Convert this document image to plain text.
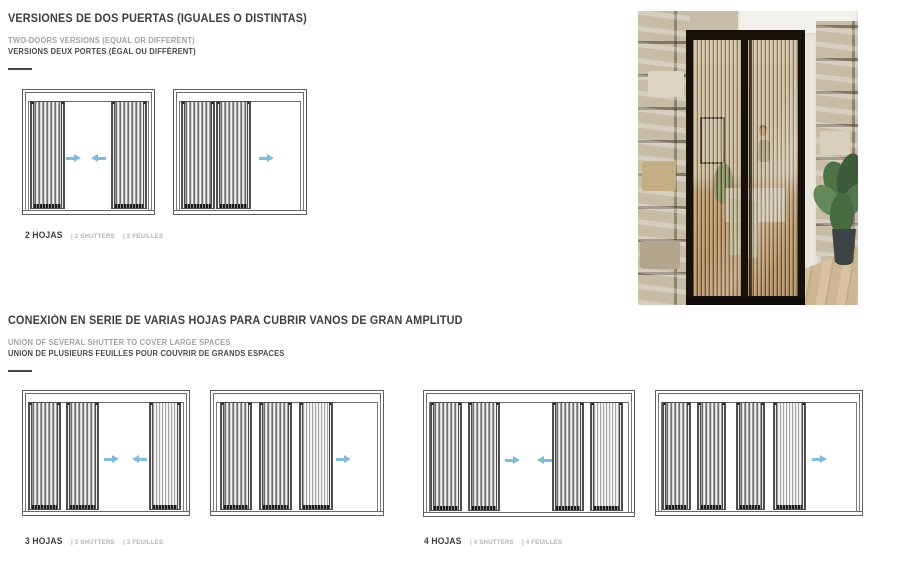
VERSIONES DE DOS PUERTAS (IGUALES O DISTINTAS)
TWO-DOORS VERSIONS (EQUAL OR DIFFERENT)
VERSIONS DEUX PORTES (ÉGAL OU DIFFÉRENT)
CONEXIÓN EN SERIE DE VARIAS HOJAS PARA CUBRIR VANOS DE GRAN AMPLITUD
UNION OF SEVERAL SHUTTER TO COVER LARGE SPACES
UNION DE PLUSIEURS FEUILLES POUR COUVRIR DE GRANDS ESPACES
2 HOJAS | 2 SHUTTERS | 2 FEUILLES
3 HOJAS | 3 SHUTTERS | 3 FEUILLES	4 HOJAS | 4 SHUTTERS | 4 FEUILLES
